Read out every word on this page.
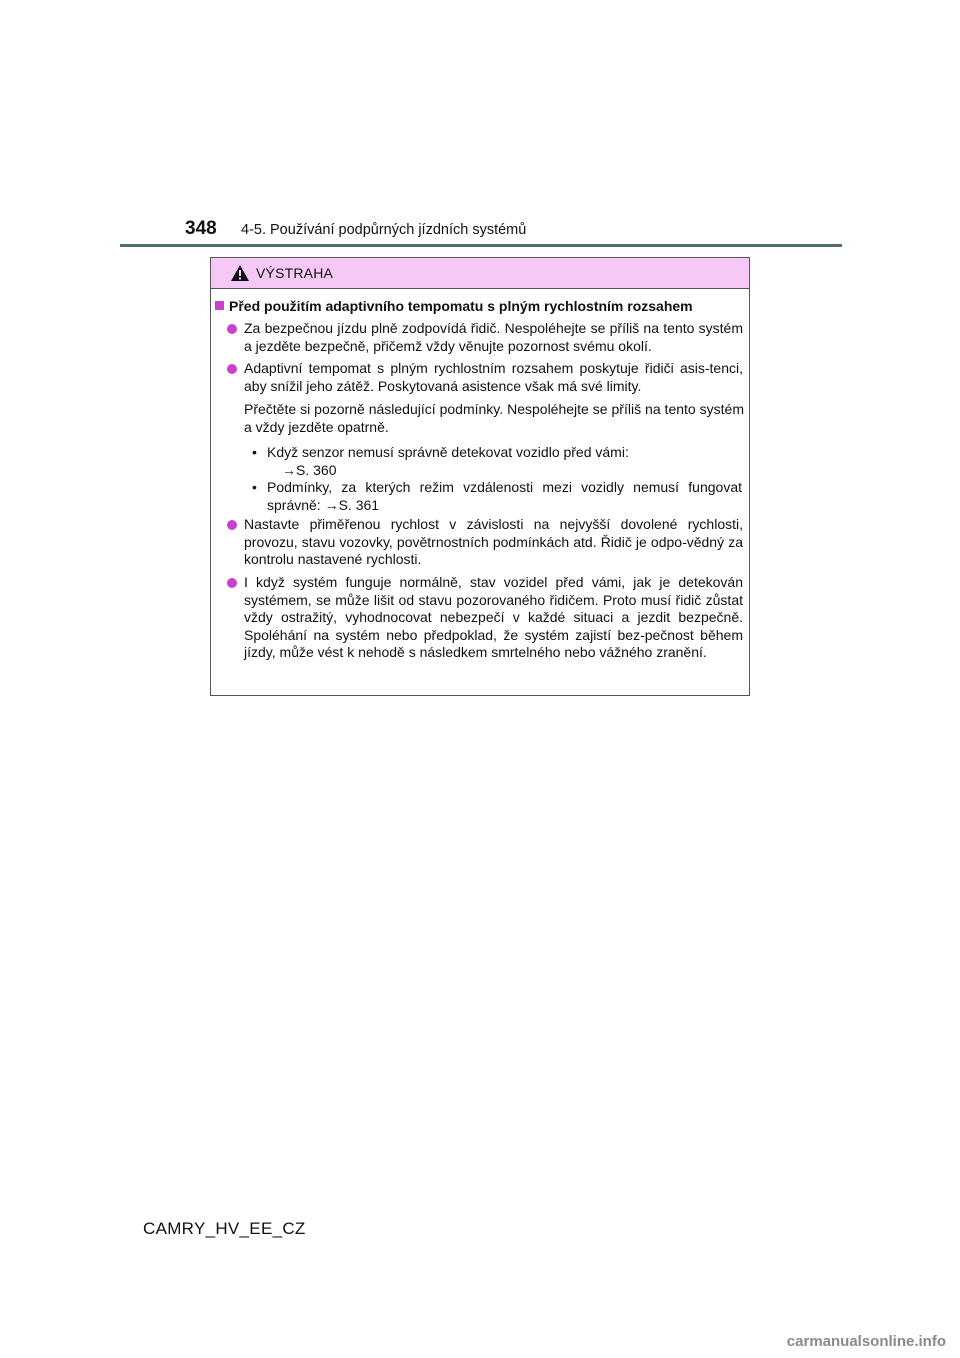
348 4-5. Používání podpůrných jízdních systémů
VÝSTRAHA
Před použitím adaptivního tempomatu s plným rychlostním rozsahem
Za bezpečnou jízdu plně zodpovídá řidič. Nespoléhejte se příliš na tento systém a jezděte bezpečně, přičemž vždy věnujte pozornost svému okolí.
Adaptivní tempomat s plným rychlostním rozsahem poskytuje řidiči asis-tenci, aby snížil jeho zátěž. Poskytovaná asistence však má své limity.
Přečtěte si pozorně následující podmínky. Nespoléhejte se příliš na tento systém a vždy jezděte opatrně.
• Když senzor nemusí správně detekovat vozidlo před vámi:
→S. 360
• Podmínky, za kterých režim vzdálenosti mezi vozidly nemusí fungovat správně: →S. 361
Nastavte přiměřenou rychlost v závislosti na nejvyšší dovolené rychlosti, provozu, stavu vozovky, povětrnostních podmínkách atd. Řidič je odpo-vědný za kontrolu nastavené rychlosti.
I když systém funguje normálně, stav vozidel před vámi, jak je detekován systémem, se může lišit od stavu pozorovaného řidičem. Proto musí řidič zůstat vždy ostražitý, vyhodnocovat nebezpečí v každé situaci a jezdit bezpečně. Spoléhání na systém nebo předpoklad, že systém zajistí bez-pečnost během jízdy, může vést k nehodě s následkem smrtelného nebo vážného zranění.
CAMRY_HV_EE_CZ
carmanualsonline.info
